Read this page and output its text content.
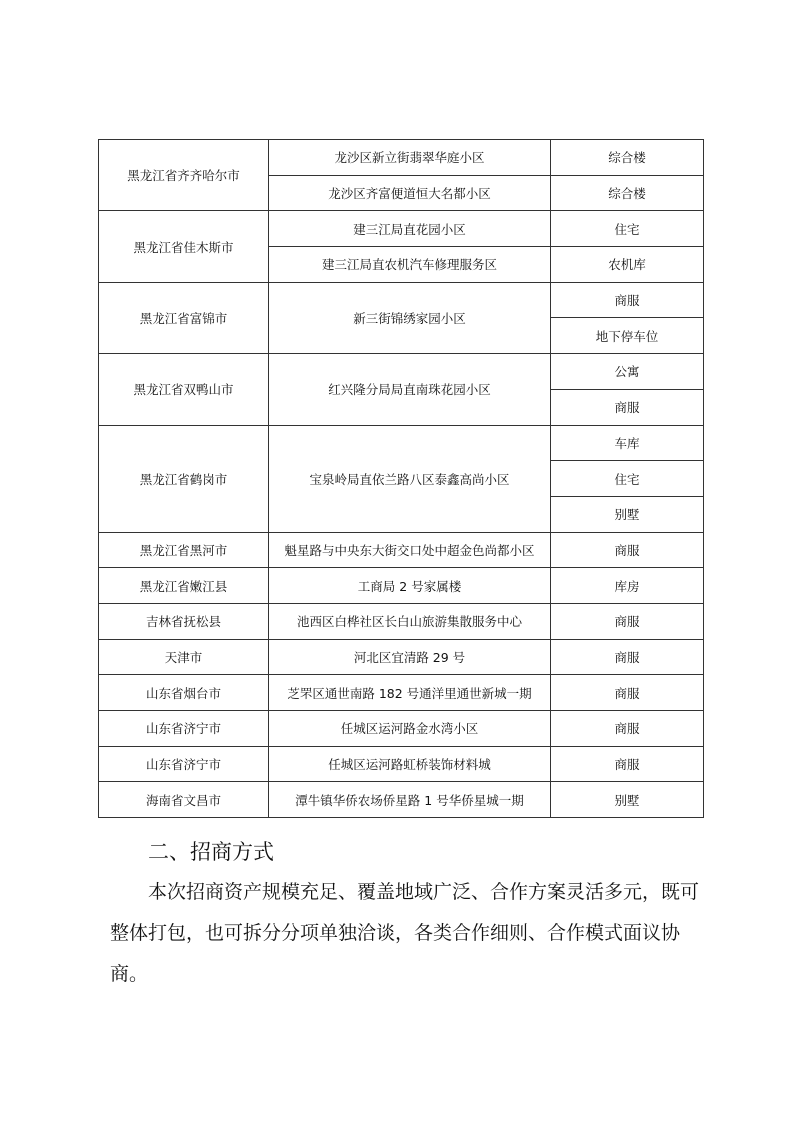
黑龙江省齐齐哈尔市	龙沙区新立街翡翠华庭小区	综合楼
	龙沙区齐富便道恒大名都小区	综合楼
黑龙江省佳木斯市	建三江局直花园小区	住宅
	建三江局直农机汽车修理服务区	农机库
黑龙江省富锦市	新三街锦绣家园小区	商服
		地下停车位
黑龙江省双鸭山市	红兴隆分局局直南珠花园小区	公寓
		商服
黑龙江省鹤岗市	宝泉岭局直依兰路八区泰鑫高尚小区	车库
		住宅
		别墅
黑龙江省黑河市	魁星路与中央东大街交口处中超金色尚都小区	商服
黑龙江省嫩江县	工商局 2 号家属楼	库房
吉林省抚松县	池西区白桦社区长白山旅游集散服务中心	商服
天津市	河北区宜清路 29 号	商服
山东省烟台市	芝罘区通世南路 182 号通洋里通世新城一期	商服
山东省济宁市	任城区运河路金水湾小区	商服
山东省济宁市	任城区运河路虹桥装饰材料城	商服
海南省文昌市	潭牛镇华侨农场侨星路 1 号华侨星城一期	别墅
二、招商方式

本次招商资产规模充足、覆盖地域广泛、合作方案灵活多元，既可整体打包，也可拆分分项单独洽谈，各类合作细则、合作模式面议协商。
